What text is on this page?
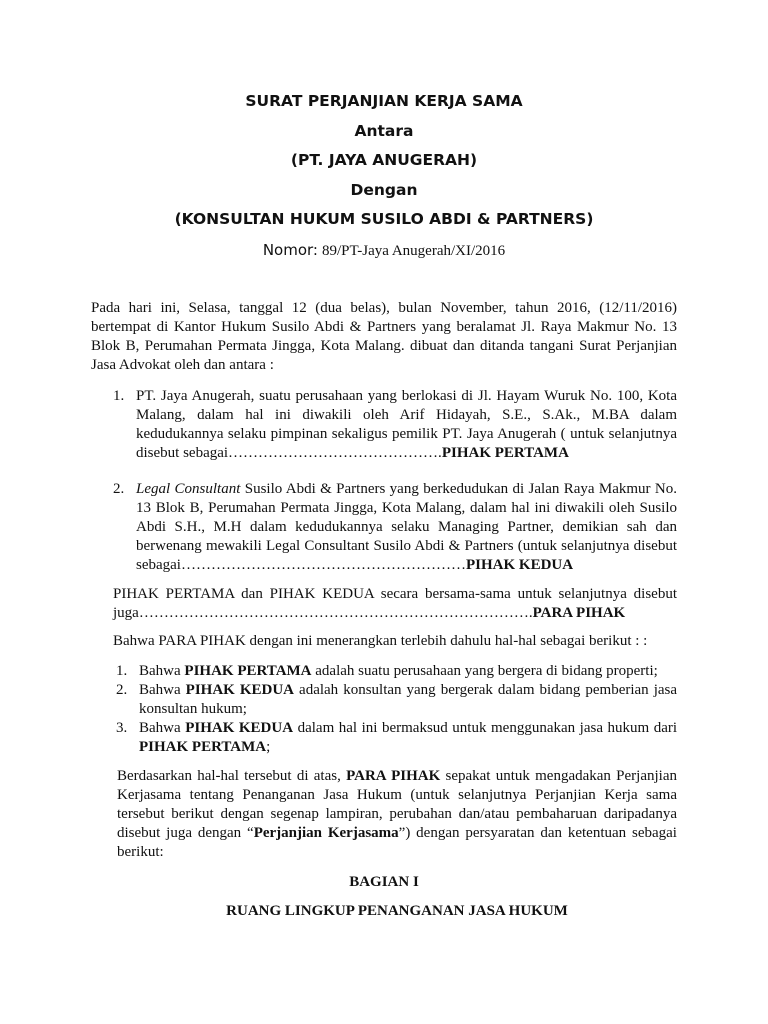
SURAT PERJANJIAN KERJA SAMA
Antara
(PT. JAYA ANUGERAH)
Dengan
(KONSULTAN HUKUM SUSILO ABDI & PARTNERS)
Nomor: 89/PT-Jaya Anugerah/XI/2016
Pada hari ini, Selasa, tanggal 12 (dua belas), bulan November, tahun 2016, (12/11/2016) bertempat di Kantor Hukum Susilo Abdi & Partners yang beralamat Jl. Raya Makmur No. 13 Blok B, Perumahan Permata Jingga, Kota Malang. dibuat dan ditanda tangani Surat Perjanjian Jasa Advokat oleh dan antara :
1. PT. Jaya Anugerah, suatu perusahaan yang berlokasi di Jl. Hayam Wuruk No. 100, Kota Malang, dalam hal ini diwakili oleh Arif Hidayah, S.E., S.Ak., M.BA dalam kedudukannya selaku pimpinan sekaligus pemilik PT. Jaya Anugerah ( untuk selanjutnya disebut sebagai…………………………………….PIHAK PERTAMA
2. Legal Consultant Susilo Abdi & Partners yang berkedudukan di Jalan Raya Makmur No. 13 Blok B, Perumahan Permata Jingga, Kota Malang, dalam hal ini diwakili oleh Susilo Abdi S.H., M.H dalam kedudukannya selaku Managing Partner, demikian sah dan berwenang mewakili Legal Consultant Susilo Abdi & Partners (untuk selanjutnya disebut sebagai…………………………………………………PIHAK KEDUA
PIHAK PERTAMA dan PIHAK KEDUA secara bersama-sama untuk selanjutnya disebut
juga…………………………………………………………………….PARA PIHAK
Bahwa PARA PIHAK dengan ini menerangkan terlebih dahulu hal-hal sebagai berikut : :
1. Bahwa PIHAK PERTAMA adalah suatu perusahaan yang bergera di bidang properti;
2. Bahwa PIHAK KEDUA adalah konsultan yang bergerak dalam bidang pemberian jasa konsultan hukum;
3. Bahwa PIHAK KEDUA dalam hal ini bermaksud untuk menggunakan jasa hukum dari PIHAK PERTAMA;
Berdasarkan hal-hal tersebut di atas, PARA PIHAK sepakat untuk mengadakan Perjanjian Kerjasama tentang Penanganan Jasa Hukum (untuk selanjutnya Perjanjian Kerja sama tersebut berikut dengan segenap lampiran, perubahan dan/atau pembaharuan daripadanya disebut juga dengan “Perjanjian Kerjasama”) dengan persyaratan dan ketentuan sebagai berikut:
BAGIAN I
RUANG LINGKUP PENANGANAN JASA HUKUM
